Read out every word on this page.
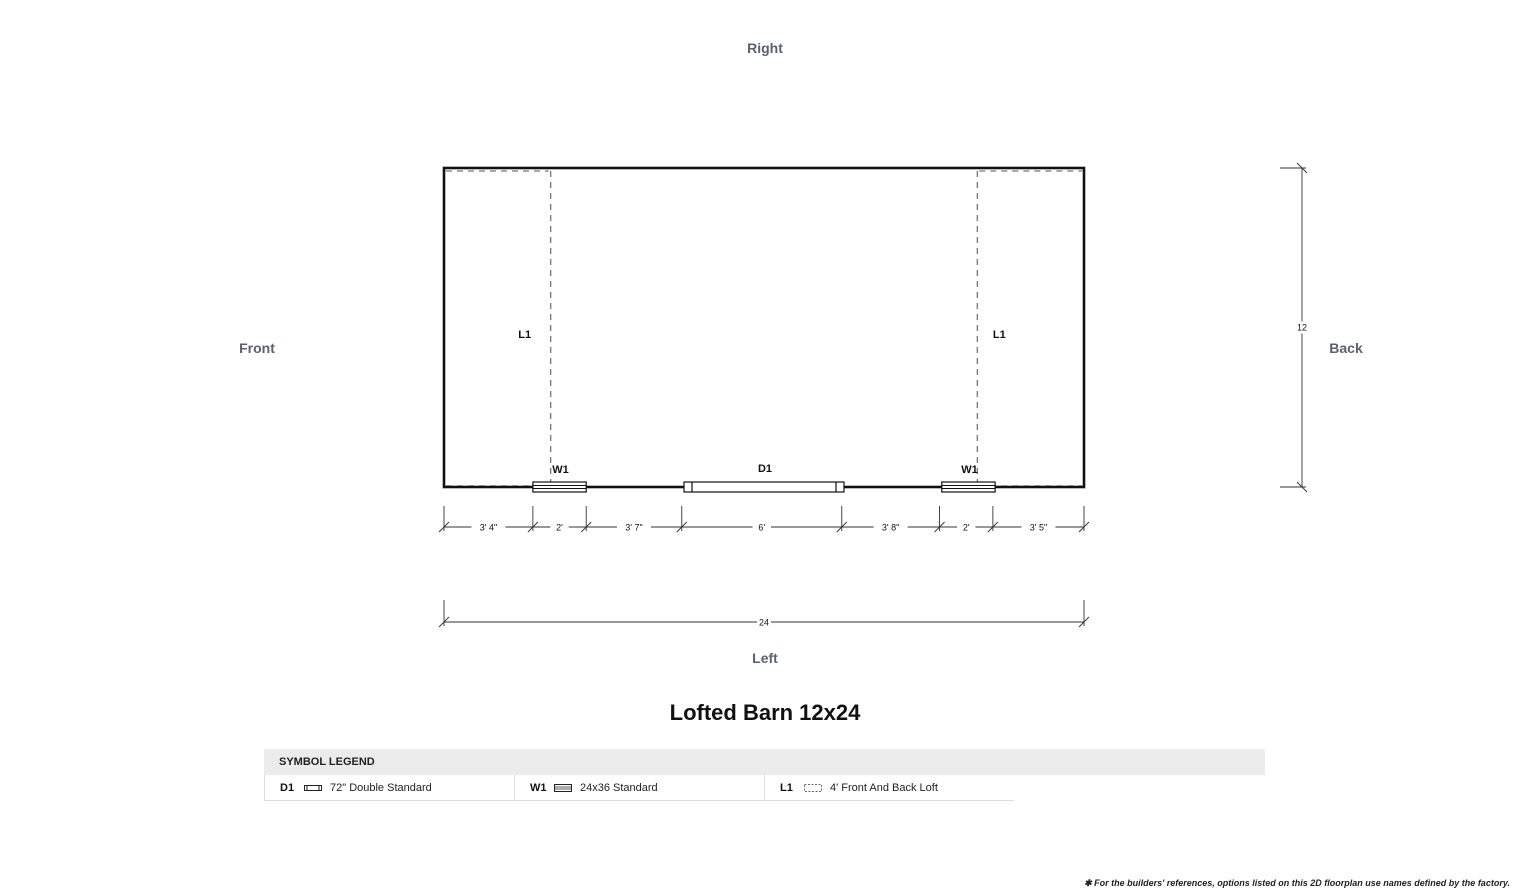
Right
Front	Back
Left
L1	L1
W1	D1	W1
3' 4"	2'	3' 7"	6'	3' 8"	2'	3' 5"
24
12
Lofted Barn 12x24
SYMBOL LEGEND
D1	72" Double Standard	W1	24x36 Standard	L1	4' Front And Back Loft
✱ For the builders' references, options listed on this 2D floorplan use names defined by the factory.
